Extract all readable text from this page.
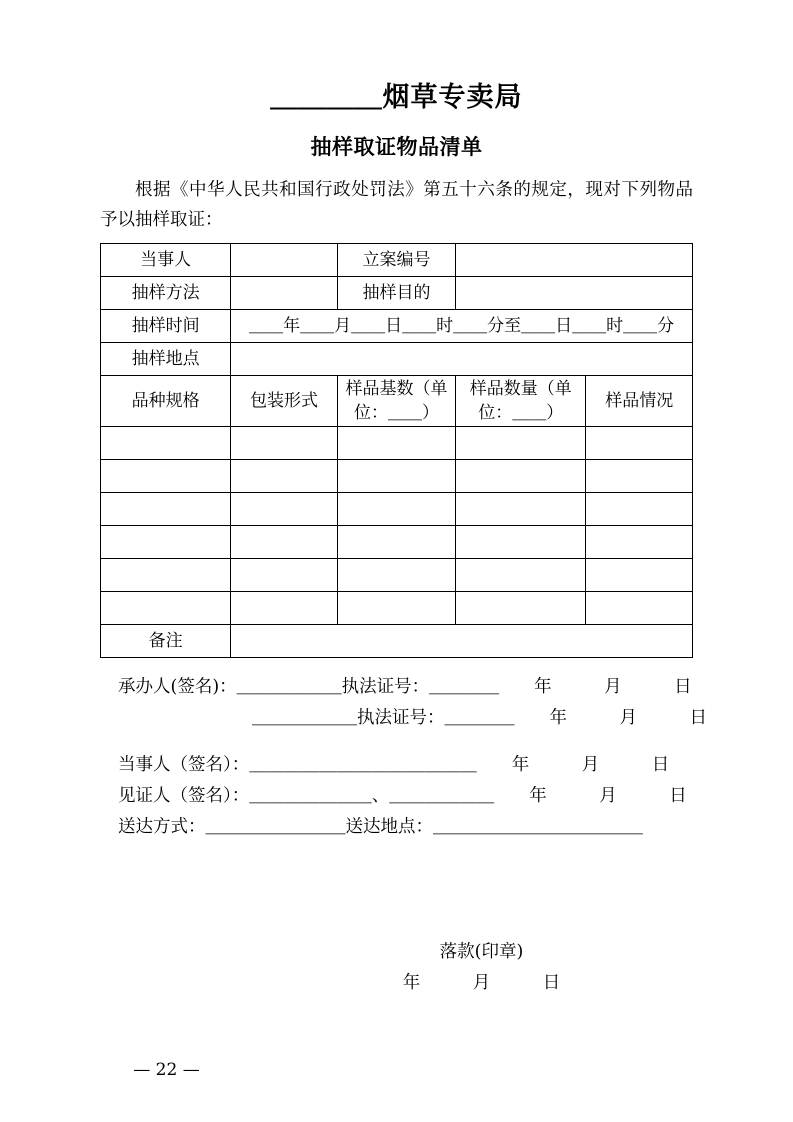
＿＿＿＿烟草专卖局
抽样取证物品清单
根据《中华人民共和国行政处罚法》第五十六条的规定，现对下列物品予以抽样取证：
当事人		立案编号		
抽样方法		抽样目的		
抽样时间	＿＿年＿＿月＿＿日＿＿时＿＿分至＿＿日＿＿时＿＿分			
抽样地点				
品种规格	包装形式	样品基数（单位：＿＿）	样品数量（单位：＿＿）	样品情况

备注				
承办人(签名)：＿＿＿＿＿＿执法证号：＿＿＿＿　　年　　　月　　　日
＿＿＿＿＿＿执法证号：＿＿＿＿　　年　　　月　　　日
当事人（签名）：＿＿＿＿＿＿＿＿＿＿＿＿＿　　年　　　月　　　日
见证人（签名）：＿＿＿＿＿＿＿、＿＿＿＿＿＿　　年　　　月　　　日
送达方式：＿＿＿＿＿＿＿＿送达地点：＿＿＿＿＿＿＿＿＿＿＿＿
落款(印章)
年　　　月　　　日
— 22 —
